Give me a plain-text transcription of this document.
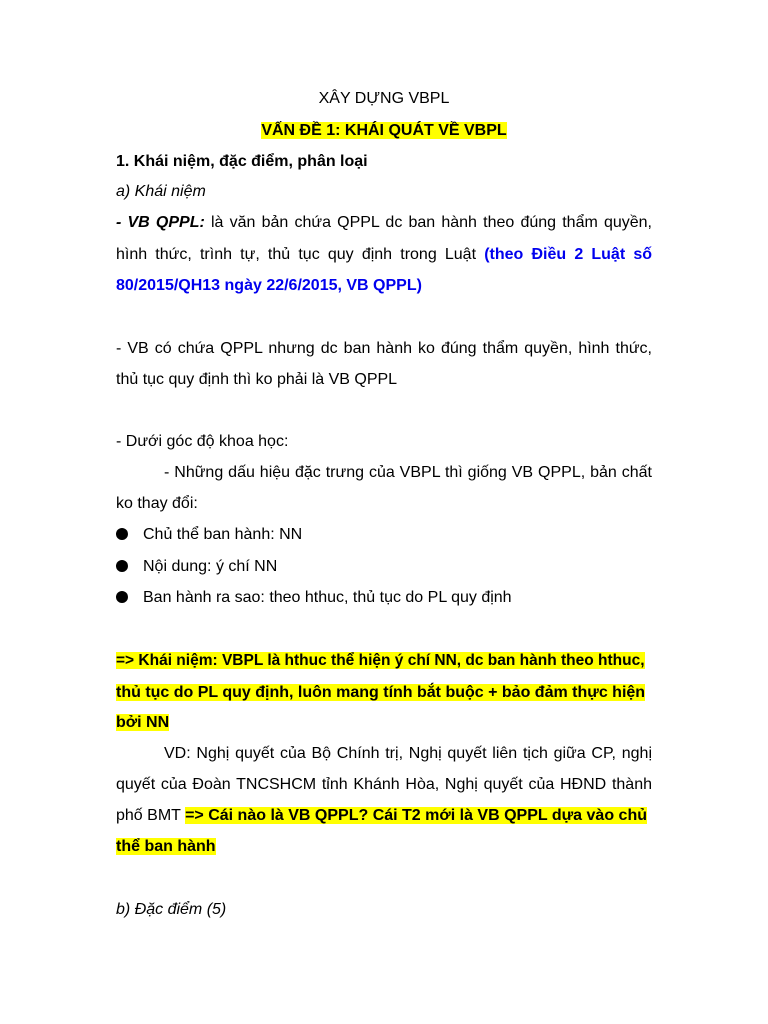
XÂY DỰNG VBPL
VẤN ĐỀ 1: KHÁI QUÁT VỀ VBPL
1. Khái niệm, đặc điểm, phân loại
a) Khái niệm
- VB QPPL: là văn bản chứa QPPL dc ban hành theo đúng thẩm quyền,
hình thức, trình tự, thủ tục quy định trong Luật (theo Điều 2 Luật số
80/2015/QH13 ngày 22/6/2015, VB QPPL)
- VB có chứa QPPL nhưng dc ban hành ko đúng thẩm quyền, hình thức,
thủ tục quy định thì ko phải là VB QPPL
- Dưới góc độ khoa học:
- Những dấu hiệu đặc trưng của VBPL thì giống VB QPPL, bản chất
ko thay đổi:
Chủ thể ban hành: NN
Nội dung: ý chí NN
Ban hành ra sao: theo hthuc, thủ tục do PL quy định
=> Khái niệm: VBPL là hthuc thể hiện ý chí NN, dc ban hành theo hthuc,
thủ tục do PL quy định, luôn mang tính bắt buộc + bảo đảm thực hiện
bởi NN
VD: Nghị quyết của Bộ Chính trị, Nghị quyết liên tịch giữa CP, nghị
quyết của Đoàn TNCSHCM tỉnh Khánh Hòa, Nghị quyết của HĐND thành
phố BMT => Cái nào là VB QPPL? Cái T2 mới là VB QPPL dựa vào chủ
thể ban hành
b) Đặc điểm (5)
